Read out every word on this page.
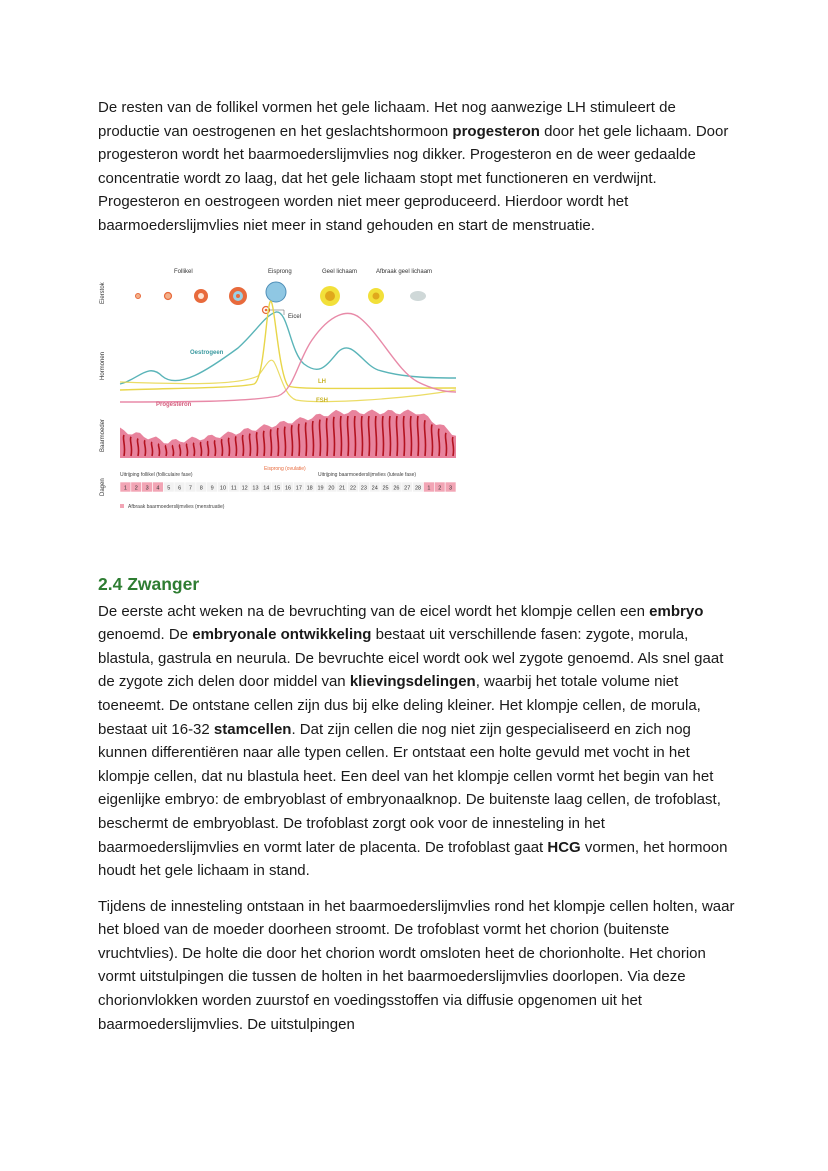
De resten van de follikel vormen het gele lichaam. Het nog aanwezige LH stimuleert de productie van oestrogenen en het geslachtshormoon progesteron door het gele lichaam. Door progesteron wordt het baarmoederslijmvlies nog dikker. Progesteron en de weer gedaalde concentratie wordt zo laag, dat het gele lichaam stopt met functioneren en verdwijnt. Progesteron en oestrogeen worden niet meer geproduceerd. Hierdoor wordt het baarmoederslijmvlies niet meer in stand gehouden en start de menstruatie.

Eierstok
Hormonen
Baarmoeder
Dagen
Follikel	Eisprong	Geel lichaam	Afbraak geel lichaam
Eicel
Oestrogeen
LH
FSH
Progesteron
Uitrijping follikel (folliculaire fase)
Eisprong (ovulatie)
Uitrijping baarmoederslijmvlies (luteale fase)
1 2 3 4 5 6 7 8 9 10 11 12 13 14 15 16 17 18 19 20 21 22 23 24 25 26 27 28 1 2 3
Afbraak baarmoederslijmvlies (menstruatie)

2.4 Zwanger

De eerste acht weken na de bevruchting van de eicel wordt het klompje cellen een embryo genoemd. De embryonale ontwikkeling bestaat uit verschillende fasen: zygote, morula, blastula, gastrula en neurula. De bevruchte eicel wordt ook wel zygote genoemd. Als snel gaat de zygote zich delen door middel van klievingsdelingen, waarbij het totale volume niet toeneemt. De ontstane cellen zijn dus bij elke deling kleiner. Het klompje cellen, de morula, bestaat uit 16-32 stamcellen. Dat zijn cellen die nog niet zijn gespecialiseerd en zich nog kunnen differentiëren naar alle typen cellen. Er ontstaat een holte gevuld met vocht in het klompje cellen, dat nu blastula heet. Een deel van het klompje cellen vormt het begin van het eigenlijke embryo: de embryoblast of embryonaalknop. De buitenste laag cellen, de trofoblast, beschermt de embryoblast. De trofoblast zorgt ook voor de innesteling in het baarmoederslijmvlies en vormt later de placenta. De trofoblast gaat HCG vormen, het hormoon houdt het gele lichaam in stand.

Tijdens de innesteling ontstaan in het baarmoederslijmvlies rond het klompje cellen holten, waar het bloed van de moeder doorheen stroomt. De trofoblast vormt het chorion (buitenste vruchtvlies). De holte die door het chorion wordt omsloten heet de chorionholte. Het chorion vormt uitstulpingen die tussen de holten in het baarmoederslijmvlies doorlopen. Via deze chorionvlokken worden zuurstof en voedingsstoffen via diffusie opgenomen uit het baarmoederslijmvlies. De uitstulpingen
